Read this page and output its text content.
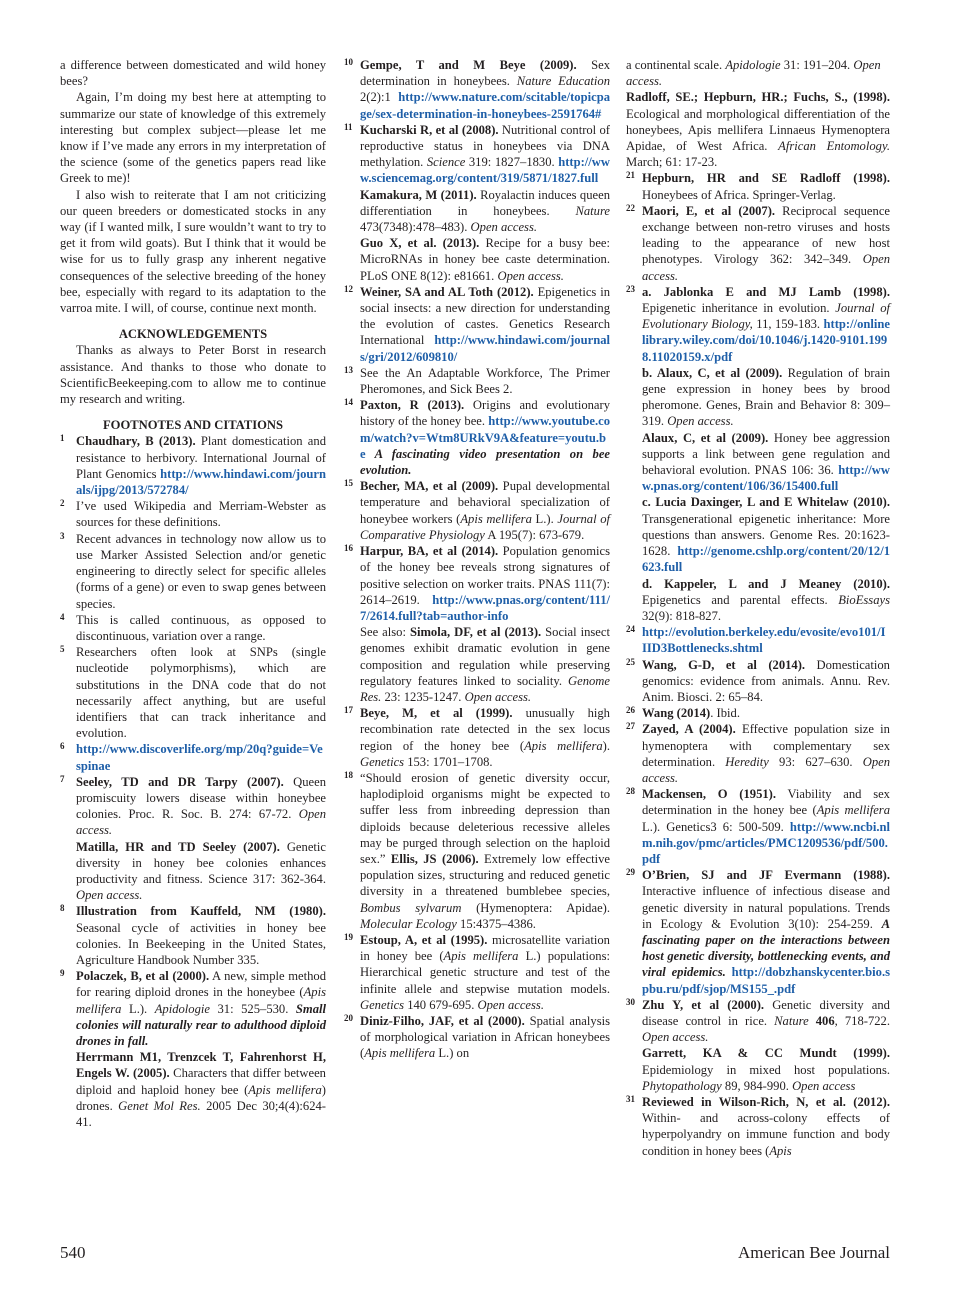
a difference between domesticated and wild honey bees?

Again, I’m doing my best here at attempting to summarize our state of knowledge of this extremely interesting but complex subject—please let me know if I’ve made any errors in my interpretation of the science (some of the genetics papers read like Greek to me)!

I also wish to reiterate that I am not criticizing our queen breeders or domesticated stocks in any way (if I wanted milk, I sure wouldn’t want to try to get it from wild goats). But I think that it would be wise for us to fully grasp any inherent negative consequences of the selective breeding of the honey bee, especially with regard to its adaptation to the varroa mite. I will, of course, continue next month.

ACKNOWLEDGEMENTS

Thanks as always to Peter Borst in research assistance. And thanks to those who donate to ScientificBeekeeping.com to allow me to continue my research and writing.

FOOTNOTES AND CITATIONS

1 Chaudhary, B (2013). Plant domestication and resistance to herbivory. International Journal of Plant Genomics http://www.hindawi.com/journals/ijpg/2013/572784/
2 I’ve used Wikipedia and Merriam-Webster as sources for these definitions.
3 Recent advances in technology now allow us to use Marker Assisted Selection and/or genetic engineering to directly select for specific alleles (forms of a gene) or even to swap genes between species.
4 This is called continuous, as opposed to discontinuous, variation over a range.
5 Researchers often look at SNPs (single nucleotide polymorphisms), which are substitutions in the DNA code that do not necessarily affect anything, but are useful identifiers that can track inheritance and evolution.
6 http://www.discoverlife.org/mp/20q?guide=Vespinae
7 Seeley, TD and DR Tarpy (2007). Queen promiscuity lowers disease within honeybee colonies. Proc. R. Soc. B. 274: 67-72. Open access.
Matilla, HR and TD Seeley (2007). Genetic diversity in honey bee colonies enhances productivity and fitness. Science 317: 362-364. Open access.
8 Illustration from Kauffeld, NM (1980). Seasonal cycle of activities in honey bee colonies. In Beekeeping in the United States, Agriculture Handbook Number 335.
9 Polaczek, B, et al (2000). A new, simple method for rearing diploid drones in the honeybee (Apis mellifera L.). Apidologie 31: 525–530. Small colonies will naturally rear to adulthood diploid drones in fall.
Herrmann M1, Trenzcek T, Fahrenhorst H, Engels W. (2005). Characters that differ between diploid and haploid honey bee (Apis mellifera) drones. Genet Mol Res. 2005 Dec 30;4(4):624-41.
10 Gempe, T and M Beye (2009). Sex determination in honeybees. Nature Education 2(2):1 http://www.nature.com/scitable/topicpage/sex-determination-in-honeybees-2591764#
11 Kucharski R, et al (2008). Nutritional control of reproductive status in honeybees via DNA methylation. Science 319: 1827–1830. http://www.sciencemag.org/content/319/5871/1827.full
Kamakura, M (2011). Royalactin induces queen differentiation in honeybees. Nature 473(7348):478–483). Open access.
Guo X, et al. (2013). Recipe for a busy bee: MicroRNAs in honey bee caste determination. PLoS ONE 8(12): e81661. Open access.
12 Weiner, SA and AL Toth (2012). Epigenetics in social insects: a new direction for understanding the evolution of castes. Genetics Research International http://www.hindawi.com/journals/gri/2012/609810/
13 See the An Adaptable Workforce, The Primer Pheromones, and Sick Bees 2.
14 Paxton, R (2013). Origins and evolutionary history of the honey bee. http://www.youtube.com/watch?v=Wtm8URkV9A&feature=youtu.be A fascinating video presentation on bee evolution.
15 Becher, MA, et al (2009). Pupal developmental temperature and behavioral specialization of honeybee workers (Apis mellifera L.). Journal of Comparative Physiology A 195(7): 673-679.
16 Harpur, BA, et al (2014). Population genomics of the honey bee reveals strong signatures of positive selection on worker traits. PNAS 111(7): 2614–2619. http://www.pnas.org/content/111/7/2614.full?tab=author-info
See also: Simola, DF, et al (2013). Social insect genomes exhibit dramatic evolution in gene composition and regulation while preserving regulatory features linked to sociality. Genome Res. 23: 1235-1247. Open access.
17 Beye, M, et al (1999). unusually high recombination rate detected in the sex locus region of the honey bee (Apis mellifera). Genetics 153: 1701–1708.
18 “Should erosion of genetic diversity occur, haplodiploid organisms might be expected to suffer less from inbreeding depression than diploids because deleterious recessive alleles may be purged through selection on the haploid sex.” Ellis, JS (2006). Extremely low effective population sizes, structuring and reduced genetic diversity in a threatened bumblebee species, Bombus sylvarum (Hymenoptera: Apidae). Molecular Ecology 15:4375–4386.
19 Estoup, A, et al (1995). microsatellite variation in honey bee (Apis mellifera L.) populations: Hierarchical genetic structure and test of the infinite allele and stepwise mutation models. Genetics 140 679-695. Open access.
20 Diniz-Filho, JAF, et al (2000). Spatial analysis of morphological variation in African honeybees (Apis mellifera L.) on
a continental scale. Apidologie 31: 191–204. Open access.
Radloff, SE.; Hepburn, HR.; Fuchs, S., (1998). Ecological and morphological differentiation of the honeybees, Apis mellifera Linnaeus Hymenoptera Apidae, of West Africa. African Entomology. March; 61: 17-23.
21 Hepburn, HR and SE Radloff (1998). Honeybees of Africa. Springer-Verlag.
22 Maori, E, et al (2007). Reciprocal sequence exchange between non-retro viruses and hosts leading to the appearance of new host phenotypes. Virology 362: 342–349. Open access.
23 a. Jablonka E and MJ Lamb (1998). Epigenetic inheritance in evolution. Journal of Evolutionary Biology, 11, 159-183. http://onlinelibrary.wiley.com/doi/10.1046/j.1420-9101.1998.11020159.x/pdf
b. Alaux, C, et al (2009). Regulation of brain gene expression in honey bees by brood pheromone. Genes, Brain and Behavior 8: 309–319. Open access.
Alaux, C, et al (2009). Honey bee aggression supports a link between gene regulation and behavioral evolution. PNAS 106: 36. http://www.pnas.org/content/106/36/15400.full
c. Lucia Daxinger, L and E Whitelaw (2010). Transgenerational epigenetic inheritance: More questions than answers. Genome Res. 20:1623-1628. http://genome.cshlp.org/content/20/12/1623.full
d. Kappeler, L and J Meaney (2010). Epigenetics and parental effects. BioEssays 32(9): 818-827.
24 http://evolution.berkeley.edu/evosite/evo101/IIID3Bottlenecks.shtml
25 Wang, G-D, et al (2014). Domestication genomics: evidence from animals. Annu. Rev. Anim. Biosci. 2: 65–84.
26 Wang (2014). Ibid.
27 Zayed, A (2004). Effective population size in hymenoptera with complementary sex determination. Heredity 93: 627–630. Open access.
28 Mackensen, O (1951). Viability and sex determination in the honey bee (Apis mellifera L.). Genetics3 6: 500-509. http://www.ncbi.nlm.nih.gov/pmc/articles/PMC1209536/pdf/500.pdf
29 O’Brien, SJ and JF Evermann (1988). Interactive influence of infectious disease and genetic diversity in natural populations. Trends in Ecology & Evolution 3(10): 254-259. A fascinating paper on the interactions between host genetic diversity, bottlenecking events, and viral epidemics. http://dobzhanskycenter.bio.spbu.ru/pdf/sjop/MS155_.pdf
30 Zhu Y, et al (2000). Genetic diversity and disease control in rice. Nature 406, 718-722. Open access.
Garrett, KA & CC Mundt (1999). Epidemiology in mixed host populations. Phytopathology 89, 984-990. Open access
31 Reviewed in Wilson-Rich, N, et al. (2012). Within- and across-colony effects of hyperpolyandry on immune function and body condition in honey bees (Apis
540	American Bee Journal
